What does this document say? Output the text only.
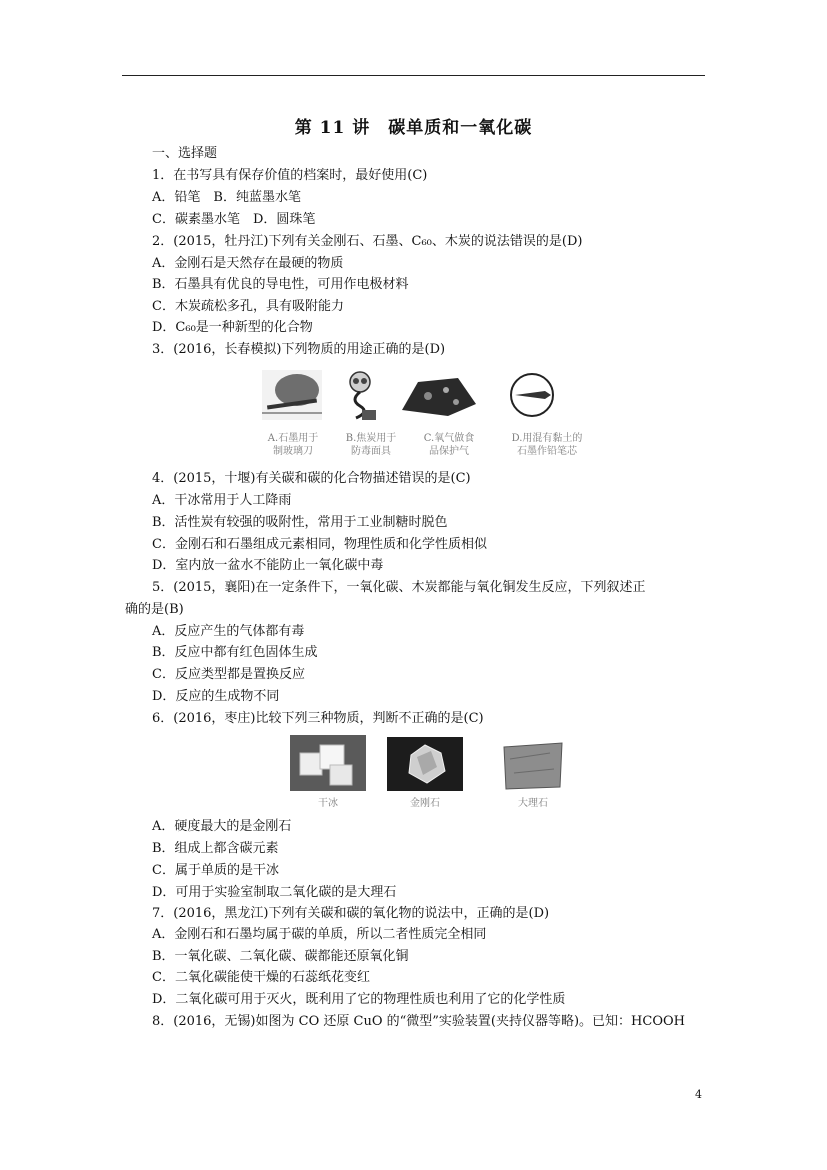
第 11 讲　碳单质和一氧化碳
一、选择题
1．在书写具有保存价值的档案时，最好使用(C)
A．铅笔　B．纯蓝墨水笔
C．碳素墨水笔　D．圆珠笔
2．(2015，牡丹江)下列有关金刚石、石墨、C₆₀、木炭的说法错误的是(D)
A．金刚石是天然存在最硬的物质
B．石墨具有优良的导电性，可用作电极材料
C．木炭疏松多孔，具有吸附能力
D．C₆₀是一种新型的化合物
3．(2016，长春模拟)下列物质的用途正确的是(D)
A.石墨用于
制玻璃刀
B.焦炭用于
防毒面具
C.氧气做食
品保护气
D.用混有黏土的
石墨作铅笔芯
4．(2015，十堰)有关碳和碳的化合物描述错误的是(C)
A．干冰常用于人工降雨
B．活性炭有较强的吸附性，常用于工业制糖时脱色
C．金刚石和石墨组成元素相同，物理性质和化学性质相似
D．室内放一盆水不能防止一氧化碳中毒
5．(2015，襄阳)在一定条件下，一氧化碳、木炭都能与氧化铜发生反应，下列叙述正
确的是(B)
A．反应产生的气体都有毒
B．反应中都有红色固体生成
C．反应类型都是置换反应
D．反应的生成物不同
6．(2016，枣庄)比较下列三种物质，判断不正确的是(C)
干冰	金刚石	大理石
A．硬度最大的是金刚石
B．组成上都含碳元素
C．属于单质的是干冰
D．可用于实验室制取二氧化碳的是大理石
7．(2016，黑龙江)下列有关碳和碳的氧化物的说法中，正确的是(D)
A．金刚石和石墨均属于碳的单质，所以二者性质完全相同
B．一氧化碳、二氧化碳、碳都能还原氧化铜
C．二氧化碳能使干燥的石蕊纸花变红
D．二氧化碳可用于灭火，既利用了它的物理性质也利用了它的化学性质
8．(2016，无锡)如图为 CO 还原 CuO 的“微型”实验装置(夹持仪器等略)。已知：HCOOH
4
